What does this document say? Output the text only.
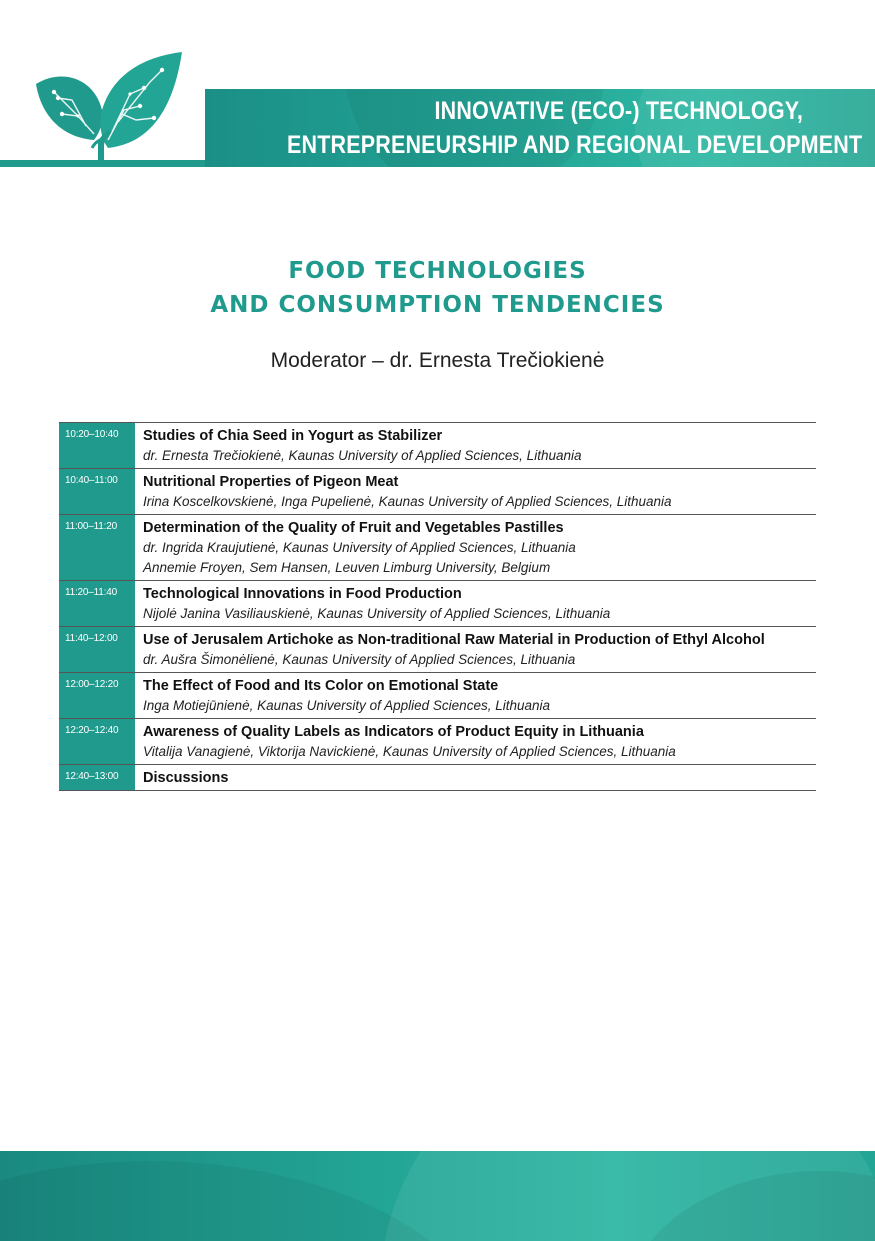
INNOVATIVE (ECO-) TECHNOLOGY,
ENTREPRENEURSHIP AND REGIONAL DEVELOPMENT
FOOD TECHNOLOGIES
AND CONSUMPTION TENDENCIES
Moderator – dr. Ernesta Trečiokienė
10:20–10:40	Studies of Chia Seed in Yogurt as Stabilizer
dr. Ernesta Trečiokienė, Kaunas University of Applied Sciences, Lithuania
10:40–11:00	Nutritional Properties of Pigeon Meat
Irina Koscelkovskienė, Inga Pupelienė, Kaunas University of Applied Sciences, Lithuania
11:00–11:20	Determination of the Quality of Fruit and Vegetables Pastilles
dr. Ingrida Kraujutienė, Kaunas University of Applied Sciences, Lithuania
Annemie Froyen, Sem Hansen, Leuven Limburg University, Belgium
11:20–11:40	Technological Innovations in Food Production
Nijolė Janina Vasiliauskienė, Kaunas University of Applied Sciences, Lithuania
11:40–12:00	Use of Jerusalem Artichoke as Non-traditional Raw Material in Production of Ethyl Alcohol
dr. Aušra Šimonėlienė, Kaunas University of Applied Sciences, Lithuania
12:00–12:20	The Effect of Food and Its Color on Emotional State
Inga Motiejūnienė, Kaunas University of Applied Sciences, Lithuania
12:20–12:40	Awareness of Quality Labels as Indicators of Product Equity in Lithuania
Vitalija Vanagienė, Viktorija Navickienė, Kaunas University of Applied Sciences, Lithuania
12:40–13:00	Discussions
